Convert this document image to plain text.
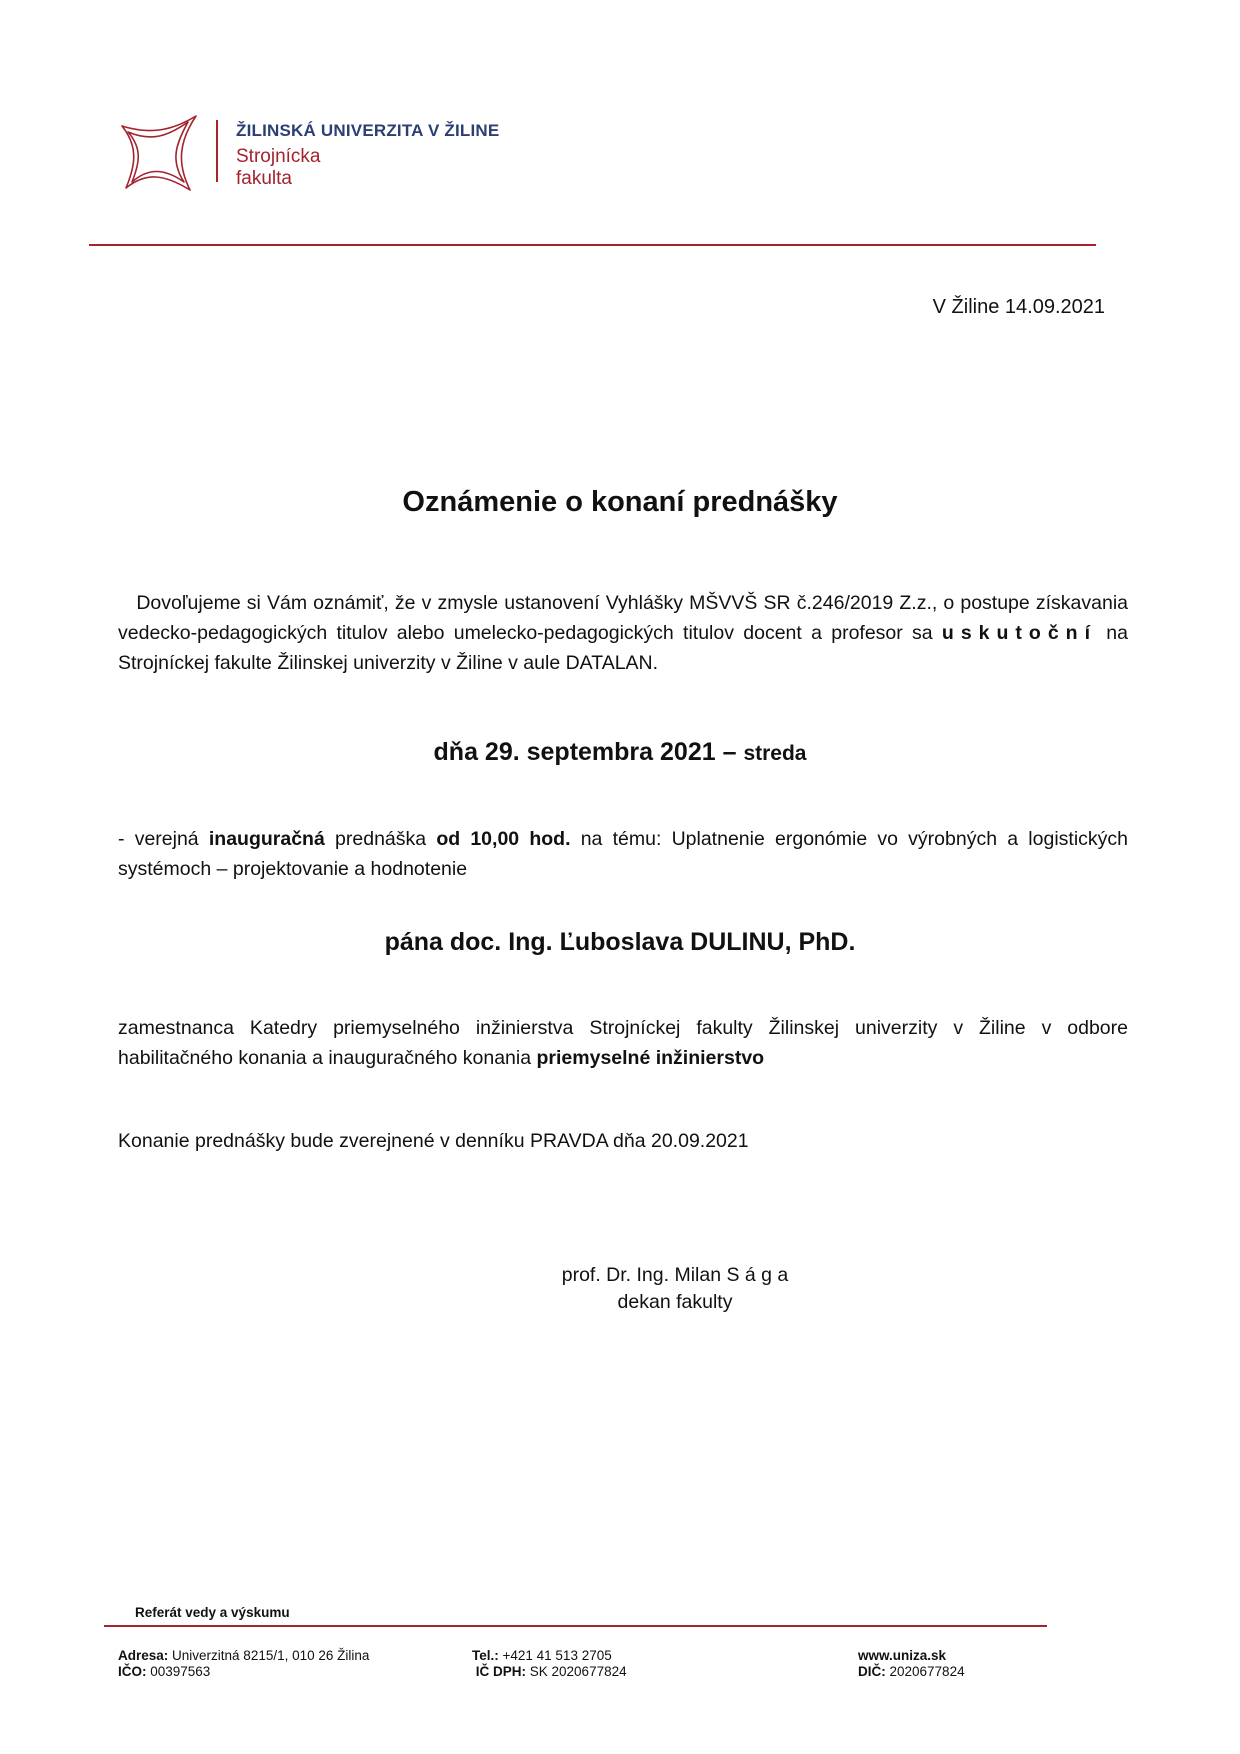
ŽILINSKÁ UNIVERZITA V ŽILINE
Strojnícka
fakulta
V Žiline 14.09.2021
Oznámenie o konaní prednášky
Dovoľujeme si Vám oznámiť, že v zmysle ustanovení Vyhlášky MŠVVŠ SR č.246/2019 Z.z., o postupe získavania vedecko-pedagogických titulov alebo umelecko-pedagogických titulov docent a profesor sa uskutoční na
Strojníckej fakulte Žilinskej univerzity v Žiline v aule DATALAN.
dňa 29. septembra 2021 – streda
- verejná inauguračná prednáška od 10,00 hod. na tému: Uplatnenie ergonómie vo výrobných a logistických systémoch – projektovanie a hodnotenie
pána doc. Ing. Ľuboslava DULINU, PhD.
zamestnanca Katedry priemyselného inžinierstva Strojníckej fakulty Žilinskej univerzity v Žiline v odbore habilitačného konania a inauguračného konania priemyselné inžinierstvo
Konanie prednášky bude zverejnené v denníku PRAVDA dňa 20.09.2021
prof. Dr. Ing. Milan S á g a
dekan fakulty
Referát vedy a výskumu
Adresa: Univerzitná 8215/1, 010 26 Žilina
IČO: 00397563
Tel.: +421 41 513 2705
IČ DPH: SK 2020677824
www.uniza.sk
DIČ: 2020677824
